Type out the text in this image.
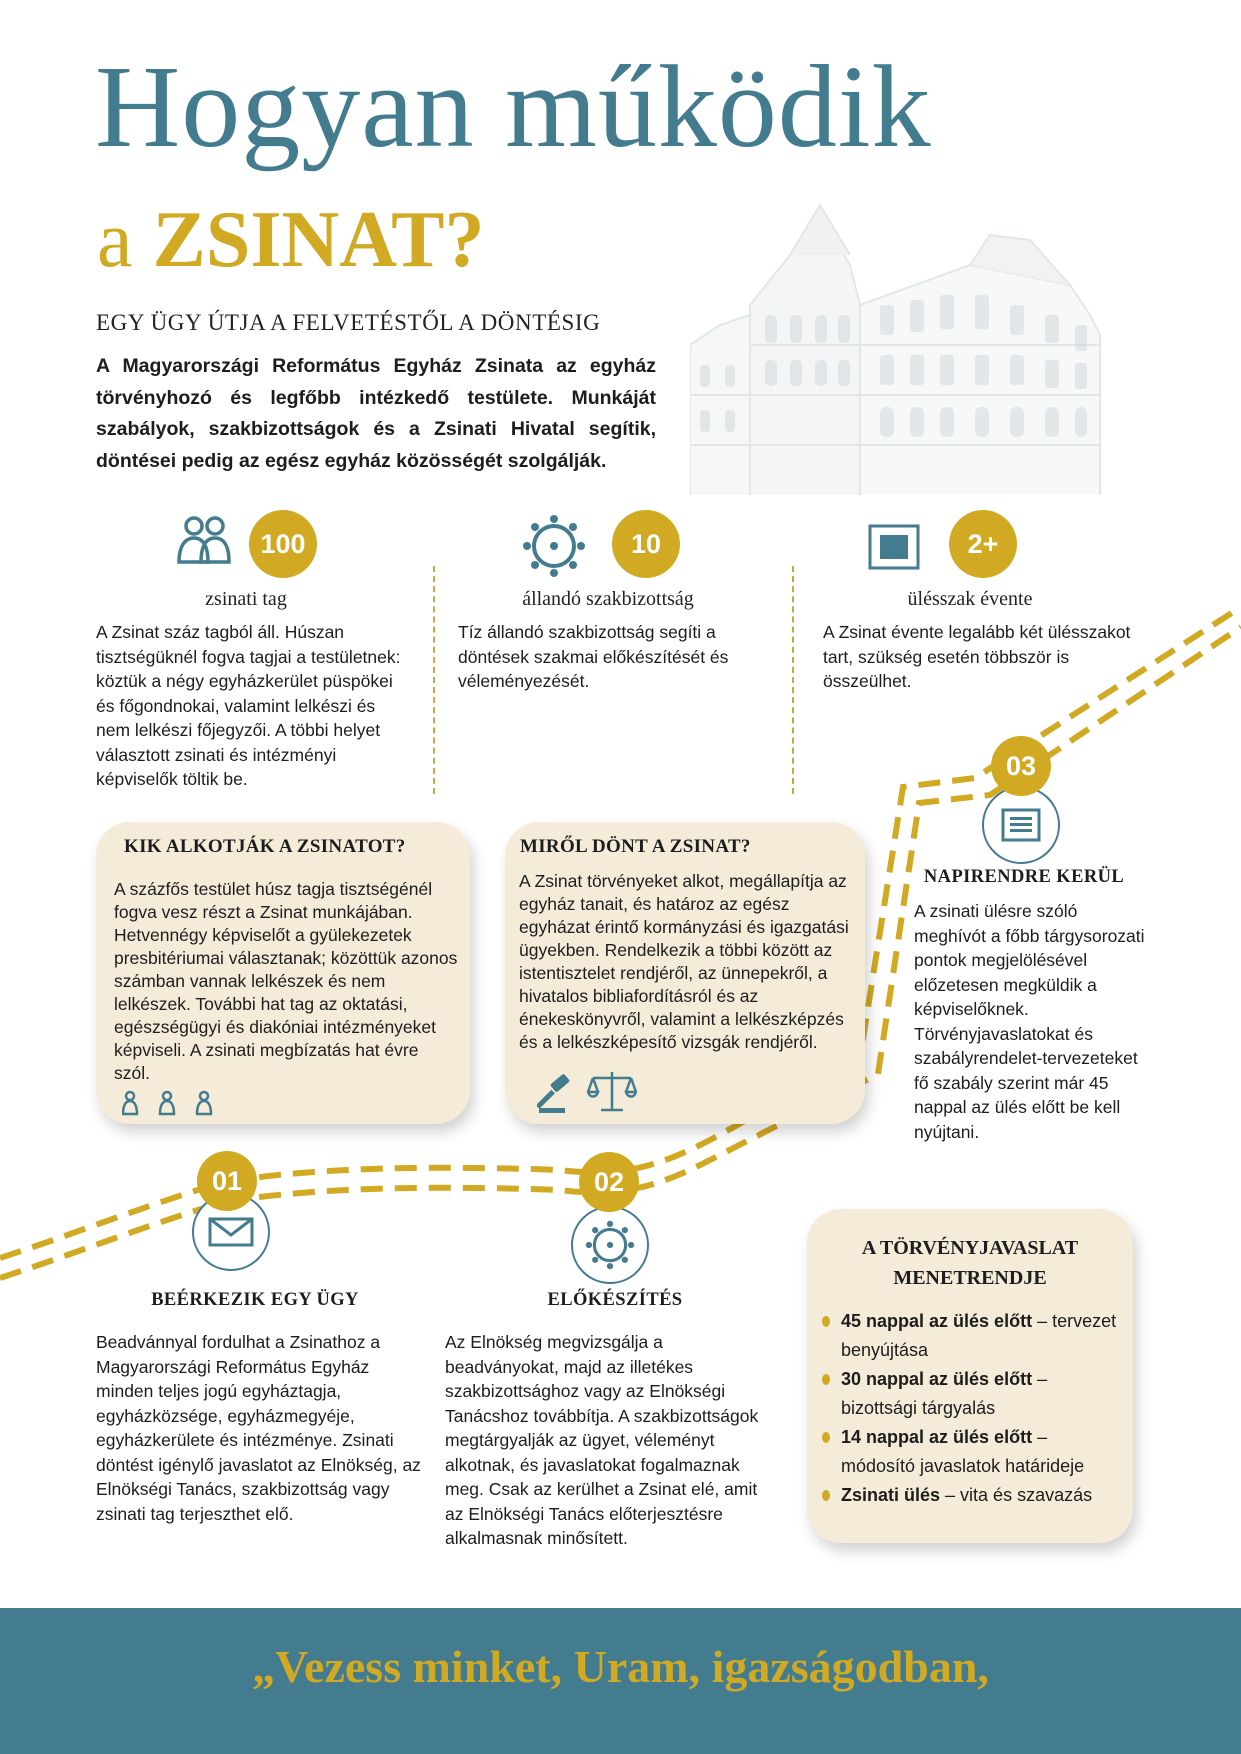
Hogyan működik
a ZSINAT?
EGY ÜGY ÚTJA A FELVETÉSTŐL A DÖNTÉSIG
A Magyarországi Református Egyház Zsinata az egyház törvényhozó és legfőbb intézkedő testülete. Munkáját szabályok, szakbizottságok és a Zsinati Hivatal segítik, döntései pedig az egész egyház közösségét szolgálják.
100
zsinati tag
A Zsinat száz tagból áll. Húszan tisztségüknél fogva tagjai a testületnek: köztük a négy egyházkerület püspökei és főgondnokai, valamint lelkészi és nem lelkészi főjegyzői. A többi helyet választott zsinati és intézményi képviselők töltik be.
10
állandó szakbizottság
Tíz állandó szakbizottság segíti a döntések szakmai előkészítését és véleményezését.
2+
ülésszak évente
A Zsinat évente legalább két ülésszakot tart, szükség esetén többször is összeülhet.
KIK ALKOTJÁK A ZSINATOT?
A százfős testület húsz tagja tisztségénél fogva vesz részt a Zsinat munkájában. Hetvennégy képviselőt a gyülekezetek presbitériumai választanak; közöttük azonos számban vannak lelkészek és nem lelkészek. További hat tag az oktatási, egészségügyi és diakóniai intézményeket képviseli. A zsinati megbízatás hat évre szól.
MIRŐL DÖNT A ZSINAT?
A Zsinat törvényeket alkot, megállapítja az egyház tanait, és határoz az egész egyházat érintő kormányzási és igazgatási ügyekben. Rendelkezik a többi között az istentisztelet rendjéről, az ünnepekről, a hivatalos bibliafordításról és az énekeskönyvről, valamint a lelkészképzés és a lelkészképesítő vizsgák rendjéről.
03
NAPIRENDRE KERÜL
A zsinati ülésre szóló meghívót a főbb tárgysorozati pontok megjelölésével előzetesen megküldik a képviselőknek. Törvényjavaslatokat és szabályrendelet-tervezeteket fő szabály szerint már 45 nappal az ülés előtt be kell nyújtani.
01
BEÉRKEZIK EGY ÜGY
Beadvánnyal fordulhat a Zsinathoz a Magyarországi Református Egyház minden teljes jogú egyháztagja, egyházközsége, egyházmegyéje, egyházkerülete és intézménye. Zsinati döntést igénylő javaslatot az Elnökség, az Elnökségi Tanács, szakbizottság vagy zsinati tag terjeszthet elő.
02
ELŐKÉSZÍTÉS
Az Elnökség megvizsgálja a beadványokat, majd az illetékes szakbizottsághoz vagy az Elnökségi Tanácshoz továbbítja. A szakbizottságok megtárgyalják az ügyet, véleményt alkotnak, és javaslatokat fogalmaznak meg. Csak az kerülhet a Zsinat elé, amit az Elnökségi Tanács előterjesztésre alkalmasnak minősített.
A TÖRVÉNYJAVASLAT
MENETRENDJE
45 nappal az ülés előtt – tervezet benyújtása
30 nappal az ülés előtt – bizottsági tárgyalás
14 nappal az ülés előtt – módosító javaslatok határideje
Zsinati ülés – vita és szavazás
„Vezess minket, Uram, igazságodban,
